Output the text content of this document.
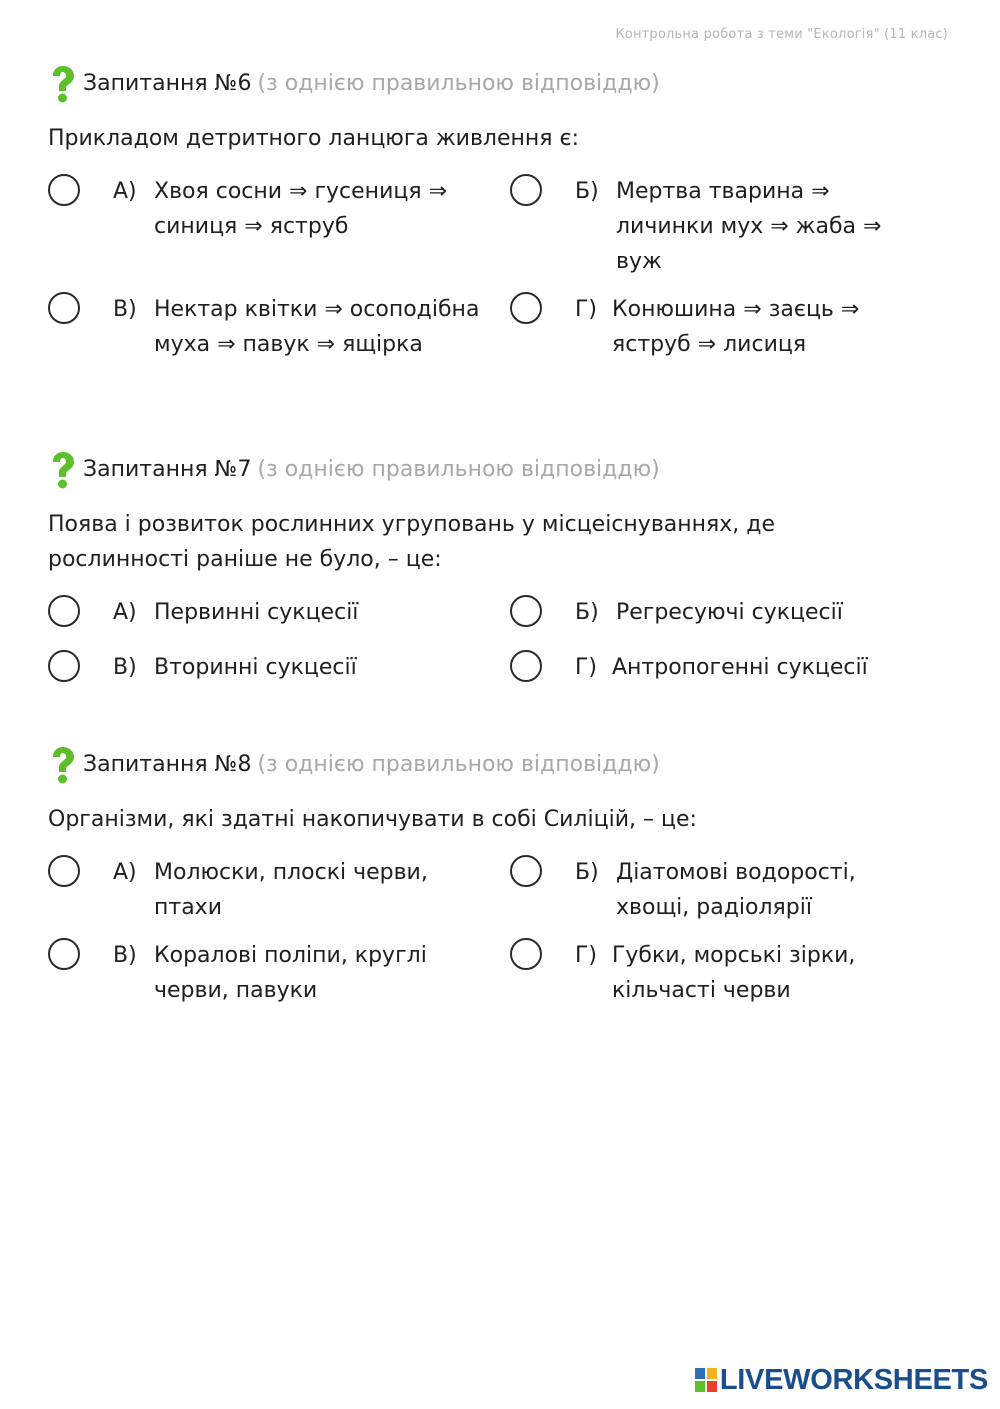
Контрольна робота з теми "Екологія" (11 клас)
Запитання №6 (з однією правильною відповіддю)
Прикладом детритного ланцюга живлення є:
А) Хвоя сосни ⇒ гусениця ⇒ синиця ⇒ яструб
Б) Мертва тварина ⇒ личинки мух ⇒ жаба ⇒ вуж
В) Нектар квітки ⇒ осоподібна муха ⇒ павук ⇒ ящірка
Г) Конюшина ⇒ заєць ⇒ яструб ⇒ лисиця
Запитання №7 (з однією правильною відповіддю)
Поява і розвиток рослинних угруповань у місцеіснуваннях, де рослинності раніше не було, – це:
А) Первинні сукцесії	Б) Регресуючі сукцесії
В) Вторинні сукцесії	Г) Антропогенні сукцесії
Запитання №8 (з однією правильною відповіддю)
Організми, які здатні накопичувати в собі Силіцій, – це:
А) Молюски, плоскі черви, птахи
Б) Діатомові водорості, хвощі, радіолярії
В) Коралові поліпи, круглі черви, павуки
Г) Губки, морські зірки, кільчасті черви
LIVEWORKSHEETS
